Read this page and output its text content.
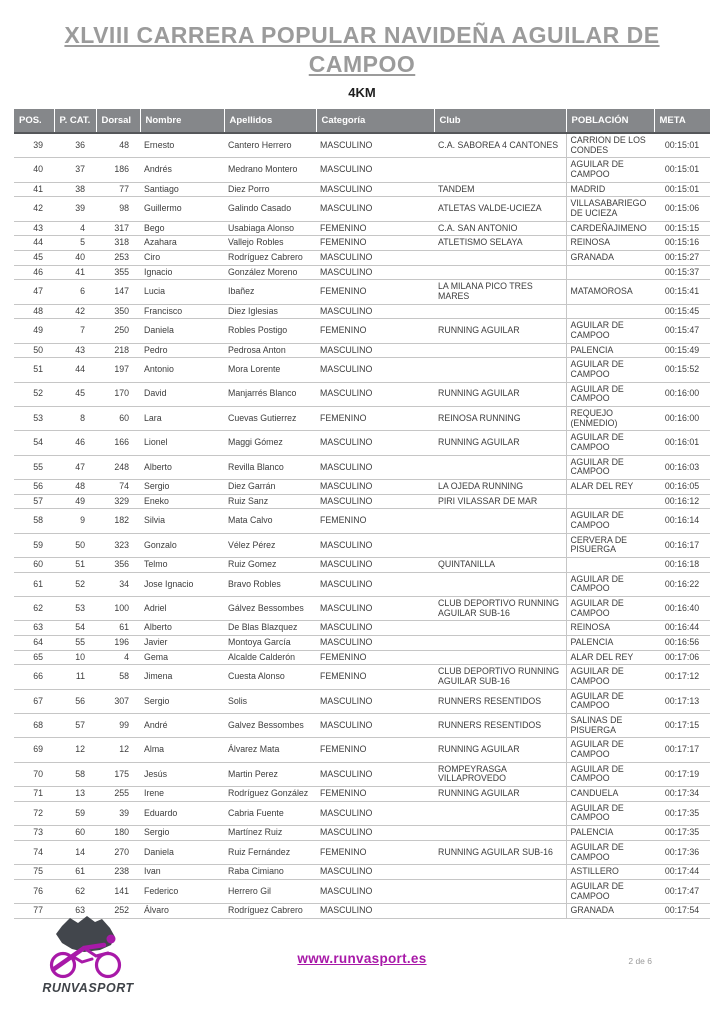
XLVIII CARRERA POPULAR NAVIDEÑA AGUILAR DE CAMPOO
4KM
POS.	P. CAT.	Dorsal	Nombre	Apellidos	Categoría	Club	POBLACIÓN	META
39	36	48	Ernesto	Cantero Herrero	MASCULINO	C.A. SABOREA 4 CANTONES	CARRION DE LOS CONDES	00:15:01
40	37	186	Andrés	Medrano Montero	MASCULINO		AGUILAR DE CAMPOO	00:15:01
41	38	77	Santiago	Diez Porro	MASCULINO	TANDEM	MADRID	00:15:01
42	39	98	Guillermo	Galindo Casado	MASCULINO	ATLETAS VALDE-UCIEZA	VILLASABARIEGO DE UCIEZA	00:15:06
43	4	317	Bego	Usabiaga Alonso	FEMENINO	C.A. SAN ANTONIO	CARDEÑAJIMENO	00:15:15
44	5	318	Azahara	Vallejo Robles	FEMENINO	ATLETISMO SELAYA	REINOSA	00:15:16
45	40	253	Ciro	Rodríguez Cabrero	MASCULINO		GRANADA	00:15:27
46	41	355	Ignacio	González Moreno	MASCULINO			00:15:37
47	6	147	Lucia	Ibañez	FEMENINO	LA MILANA PICO TRES MARES	MATAMOROSA	00:15:41
48	42	350	Francisco	Diez Iglesias	MASCULINO			00:15:45
49	7	250	Daniela	Robles Postigo	FEMENINO	RUNNING AGUILAR	AGUILAR DE CAMPOO	00:15:47
50	43	218	Pedro	Pedrosa Anton	MASCULINO		PALENCIA	00:15:49
51	44	197	Antonio	Mora Lorente	MASCULINO		AGUILAR DE CAMPOO	00:15:52
52	45	170	David	Manjarrés Blanco	MASCULINO	RUNNING AGUILAR	AGUILAR DE CAMPOO	00:16:00
53	8	60	Lara	Cuevas Gutierrez	FEMENINO	REINOSA RUNNING	REQUEJO (ENMEDIO)	00:16:00
54	46	166	Lionel	Maggi Gómez	MASCULINO	RUNNING AGUILAR	AGUILAR DE CAMPOO	00:16:01
55	47	248	Alberto	Revilla Blanco	MASCULINO		AGUILAR DE CAMPOO	00:16:03
56	48	74	Sergio	Diez Garrán	MASCULINO	LA OJEDA RUNNING	ALAR DEL REY	00:16:05
57	49	329	Eneko	Ruiz Sanz	MASCULINO	PIRI VILASSAR DE MAR		00:16:12
58	9	182	Silvia	Mata Calvo	FEMENINO		AGUILAR DE CAMPOO	00:16:14
59	50	323	Gonzalo	Vélez Pérez	MASCULINO		CERVERA DE PISUERGA	00:16:17
60	51	356	Telmo	Ruiz Gomez	MASCULINO	QUINTANILLA		00:16:18
61	52	34	Jose Ignacio	Bravo Robles	MASCULINO		AGUILAR DE CAMPOO	00:16:22
62	53	100	Adriel	Gálvez Bessombes	MASCULINO	CLUB DEPORTIVO RUNNING AGUILAR SUB-16	AGUILAR DE CAMPOO	00:16:40
63	54	61	Alberto	De Blas Blazquez	MASCULINO		REINOSA	00:16:44
64	55	196	Javier	Montoya García	MASCULINO		PALENCIA	00:16:56
65	10	4	Gema	Alcalde Calderón	FEMENINO		ALAR DEL REY	00:17:06
66	11	58	Jimena	Cuesta Alonso	FEMENINO	CLUB DEPORTIVO RUNNING AGUILAR SUB-16	AGUILAR DE CAMPOO	00:17:12
67	56	307	Sergio	Solis	MASCULINO	RUNNERS RESENTIDOS	AGUILAR DE CAMPOO	00:17:13
68	57	99	André	Galvez Bessombes	MASCULINO	RUNNERS RESENTIDOS	SALINAS DE PISUERGA	00:17:15
69	12	12	Alma	Álvarez Mata	FEMENINO	RUNNING AGUILAR	AGUILAR DE CAMPOO	00:17:17
70	58	175	Jesús	Martin Perez	MASCULINO	ROMPEYRASGA VILLAPROVEDO	AGUILAR DE CAMPOO	00:17:19
71	13	255	Irene	Rodríguez González	FEMENINO	RUNNING AGUILAR	CANDUELA	00:17:34
72	59	39	Eduardo	Cabria Fuente	MASCULINO		AGUILAR DE CAMPOO	00:17:35
73	60	180	Sergio	Martínez Ruiz	MASCULINO		PALENCIA	00:17:35
74	14	270	Daniela	Ruiz Fernández	FEMENINO	RUNNING AGUILAR SUB-16	AGUILAR DE CAMPOO	00:17:36
75	61	238	Ivan	Raba Cimiano	MASCULINO		ASTILLERO	00:17:44
76	62	141	Federico	Herrero Gil	MASCULINO		AGUILAR DE CAMPOO	00:17:47
77	63	252	Álvaro	Rodríguez Cabrero	MASCULINO		GRANADA	00:17:54
RUNVASPORT
www.runvasport.es	2 de 6
